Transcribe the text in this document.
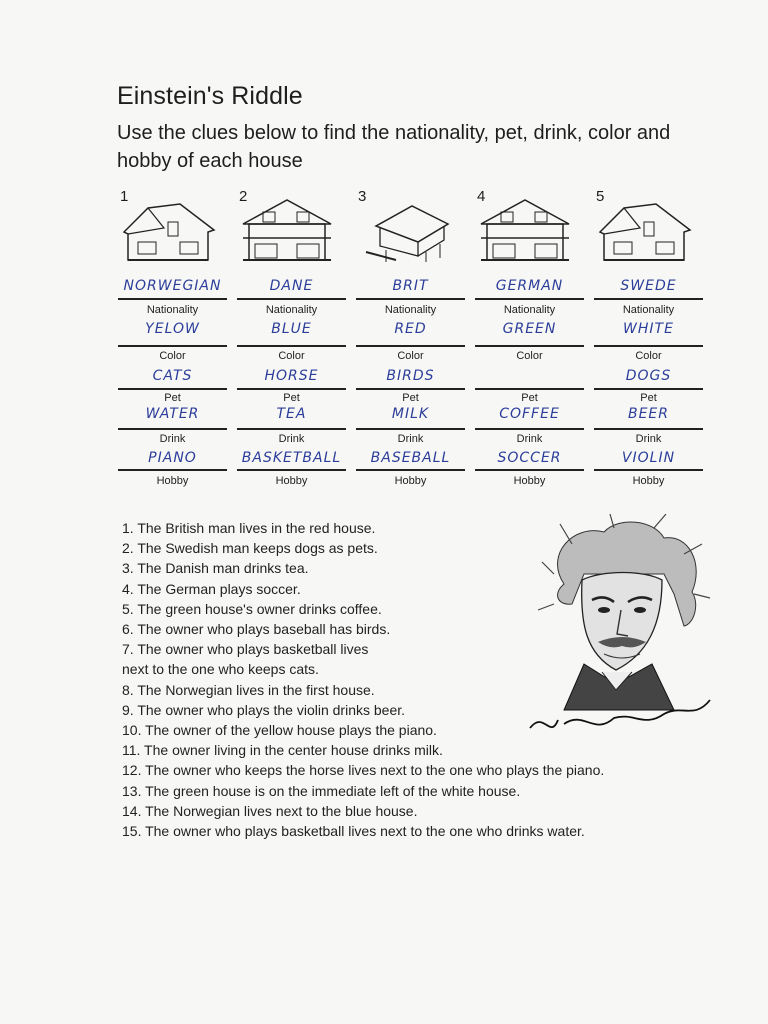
Einstein's Riddle
Use the clues below to find the nationality, pet, drink, color and hobby of each house
1
NORWEGIAN
Nationality
YELOW
Color
CATS
Pet
WATER
Drink
PIANO
Hobby
2
DANE
Nationality
BLUE
Color
HORSE
Pet
TEA
Drink
BASKETBALL
Hobby
3
BRIT
Nationality
RED
Color
BIRDS
Pet
MILK
Drink
BASEBALL
Hobby
4
GERMAN
Nationality
GREEN
Color
Pet
COFFEE
Drink
SOCCER
Hobby
5
SWEDE
Nationality
WHITE
Color
DOGS
Pet
BEER
Drink
VIOLIN
Hobby
1. The British man lives in the red house.
2. The Swedish man keeps dogs as pets.
3. The Danish man drinks tea.
4. The German plays soccer.
5. The green house's owner drinks coffee.
6. The owner who plays baseball has birds.
7. The owner who plays basketball lives
next to the one who keeps cats.
8. The Norwegian lives in the first house.
9. The owner who plays the violin drinks beer.
10. The owner of the yellow house plays the piano.
11. The owner living in the center house drinks milk.
12. The owner who keeps the horse lives next to the one who plays the piano.
13. The green house is on the immediate left of the white house.
14. The Norwegian lives next to the blue house.
15. The owner who plays basketball lives next to the one who drinks water.
